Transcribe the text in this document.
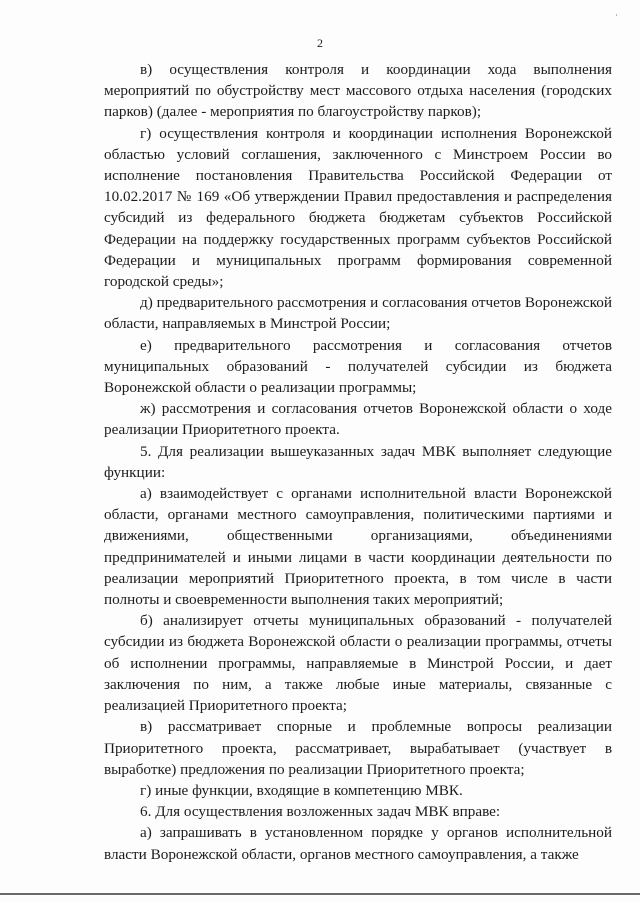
2

в) осуществления контроля и координации хода выполнения мероприятий по обустройству мест массового отдыха населения (городских парков) (далее - мероприятия по благоустройству парков);

г) осуществления контроля и координации исполнения Воронежской областью условий соглашения, заключенного с Минстроем России во исполнение постановления Правительства Российской Федерации от 10.02.2017 № 169 «Об утверждении Правил предоставления и распределения субсидий из федерального бюджета бюджетам субъектов Российской Федерации на поддержку государственных программ субъектов Российской Федерации и муниципальных программ формирования современной городской среды»;

д) предварительного рассмотрения и согласования отчетов Воронежской области, направляемых в Минстрой России;

е) предварительного рассмотрения и согласования отчетов муниципальных образований - получателей субсидии из бюджета Воронежской области о реализации программы;

ж) рассмотрения и согласования отчетов Воронежской области о ходе реализации Приоритетного проекта.

5. Для реализации вышеуказанных задач МВК выполняет следующие функции:

а) взаимодействует с органами исполнительной власти Воронежской области, органами местного самоуправления, политическими партиями и движениями, общественными организациями, объединениями предпринимателей и иными лицами в части координации деятельности по реализации мероприятий Приоритетного проекта, в том числе в части полноты и своевременности выполнения таких мероприятий;

б) анализирует отчеты муниципальных образований - получателей субсидии из бюджета Воронежской области о реализации программы, отчеты об исполнении программы, направляемые в Минстрой России, и дает заключения по ним, а также любые иные материалы, связанные с реализацией Приоритетного проекта;

в) рассматривает спорные и проблемные вопросы реализации Приоритетного проекта, рассматривает, вырабатывает (участвует в выработке) предложения по реализации Приоритетного проекта;

г) иные функции, входящие в компетенцию МВК.

6. Для осуществления возложенных задач МВК вправе:

а) запрашивать в установленном порядке у органов исполнительной власти Воронежской области, органов местного самоуправления, а также
